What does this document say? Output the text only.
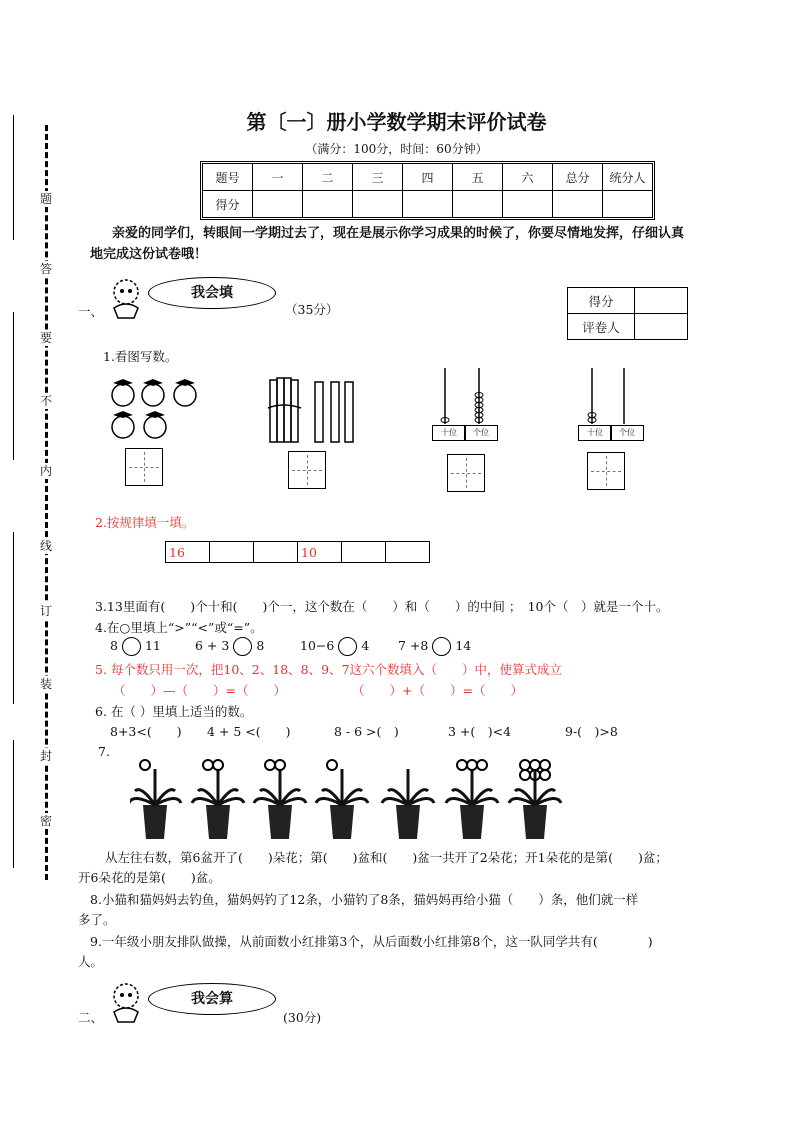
题
答
要
不
内
线
订
装
封
密
第〔一〕册小学数学期末评价试卷
（满分：100分，时间：60分钟）
题号	一	二	三	四	五	六	总分	统分人
得分								
亲爱的同学们，转眼间一学期过去了，现在是展示你学习成果的时候了，你要尽情地发挥，仔细认真
地完成这份试卷哦！
一、
我会填
（35分）
得分	
评卷人	
1.看图写数。
十位	个位	十位	个位
2.按规律填一填。
16			10		
3.13里面有(　　)个十和(　　)个一，这个数在（　　）和（　　）的中间 ；　10个（　）就是一个十。
4.在○里填上“>”“<”或“=”。
8 11	6 + 3 8	10−6 4 7 +8 14
5. 每个数只用一次，把10、2、18、8、9、7这六个数填入（　　）中，使算式成立
（　　）—（　　）=（　　）	（　　）+（　　）=（　　）
6. 在（ ）里填上适当的数。
8+3<(　　) 4 + 5 <(　　)	8 - 6 >(　)	3 +(　)<4	9-(　)>8
7.
从左往右数，第6盆开了(　　)朵花；第(　　)盆和(　　)盆一共开了2朵花；开1朵花的是第(　　)盆；
开6朵花的是第(　　)盆。
8.小猫和猫妈妈去钓鱼，猫妈妈钓了12条，小猫钓了8条，猫妈妈再给小猫（　　）条，他们就一样
多了。
9.一年级小朋友排队做操，从前面数小红排第3个，从后面数小红排第8个，这一队同学共有(　　　　)
人。
二、
我会算
(30分)
